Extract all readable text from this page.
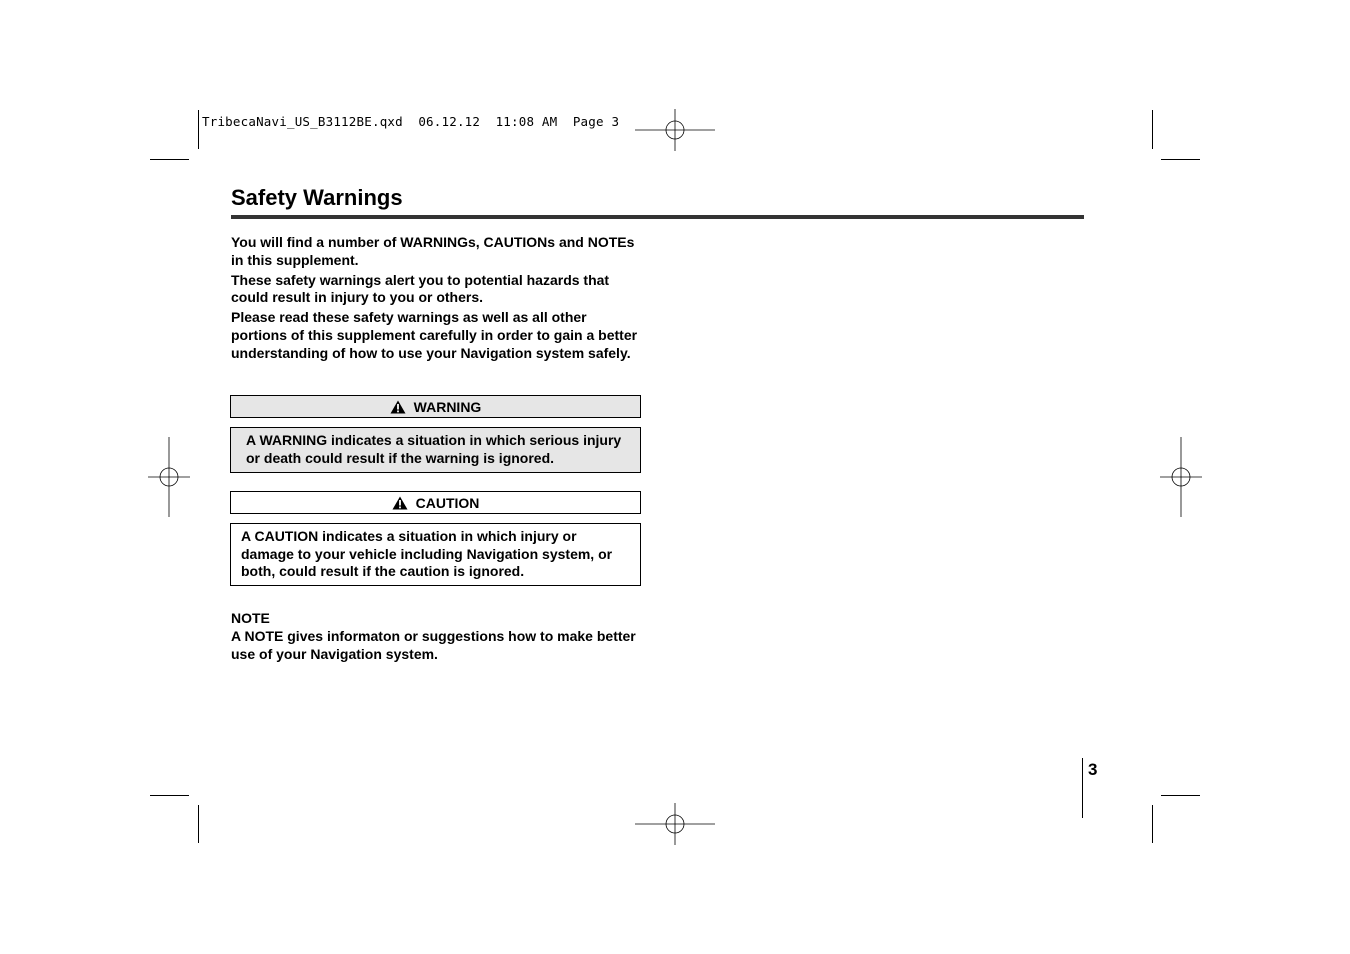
TribecaNavi_US_B3112BE.qxd  06.12.12  11:08 AM  Page 3
Safety Warnings

You will find a number of WARNINGs, CAUTIONs and NOTEs in this supplement.

These safety warnings alert you to potential hazards that could result in injury to you or others.

Please read these safety warnings as well as all other portions of this supplement carefully in order to gain a better understanding of how to use your Navigation system safely.

WARNING
A WARNING indicates a situation in which serious injury or death could result if the warning is ignored.
CAUTION
A CAUTION indicates a situation in which injury or damage to your vehicle including Navigation system, or both, could result if the caution is ignored.
NOTE
A NOTE gives informaton or suggestions how to make better use of your Navigation system.
3
